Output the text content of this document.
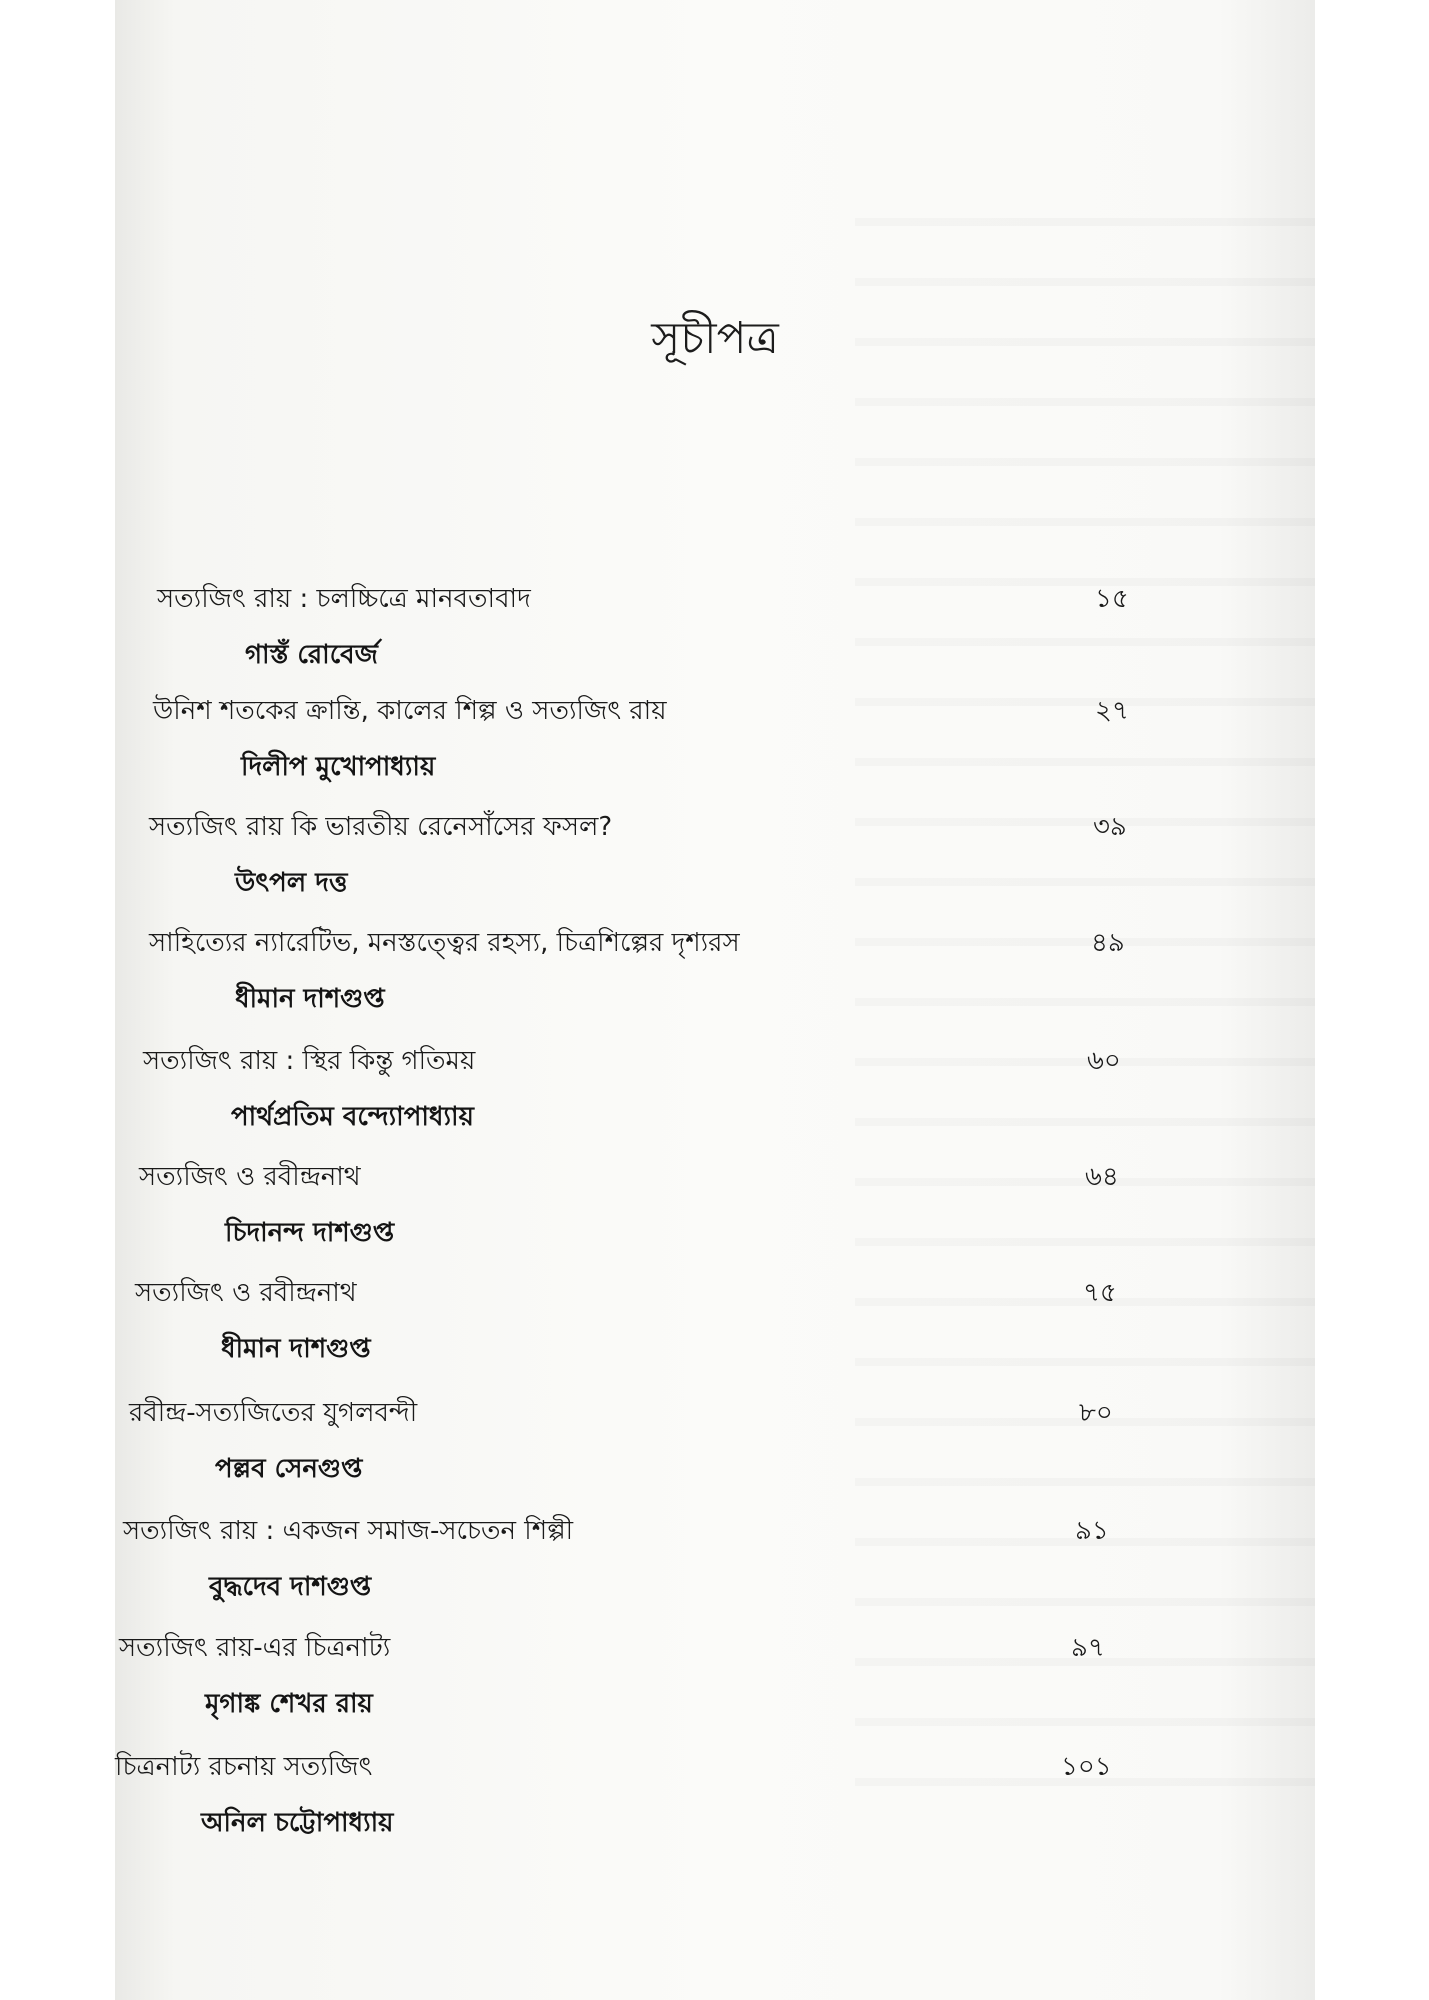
সূচীপত্র
সত্যজিৎ রায় : চলচ্চিত্রে মানবতাবাদ
গাস্তঁ রোবের্জ
১৫
উনিশ শতকের ক্রান্তি, কালের শিল্প ও সত্যজিৎ রায়
দিলীপ মুখোপাধ্যায়
২৭
সত্যজিৎ রায় কি ভারতীয় রেনেসাঁসের ফসল?
উৎপল দত্ত
৩৯
সাহিত্যের ন্যারেটিভ, মনস্তত্ত্বের রহস্য, চিত্রশিল্পের দৃশ্যরস
ধীমান দাশগুপ্ত
৪৯
সত্যজিৎ রায় : স্থির কিন্তু গতিময়
পার্থপ্রতিম বন্দ্যোপাধ্যায়
৬০
সত্যজিৎ ও রবীন্দ্রনাথ
চিদানন্দ দাশগুপ্ত
৬৪
সত্যজিৎ ও রবীন্দ্রনাথ
ধীমান দাশগুপ্ত
৭৫
রবীন্দ্র-সত্যজিতের যুগলবন্দী
পল্লব সেনগুপ্ত
৮০
সত্যজিৎ রায় : একজন সমাজ-সচেতন শিল্পী
বুদ্ধদেব দাশগুপ্ত
৯১
সত্যজিৎ রায়-এর চিত্রনাট্য
মৃগাঙ্ক শেখর রায়
৯৭
চিত্রনাট্য রচনায় সত্যজিৎ
অনিল চট্টোপাধ্যায়
১০১
